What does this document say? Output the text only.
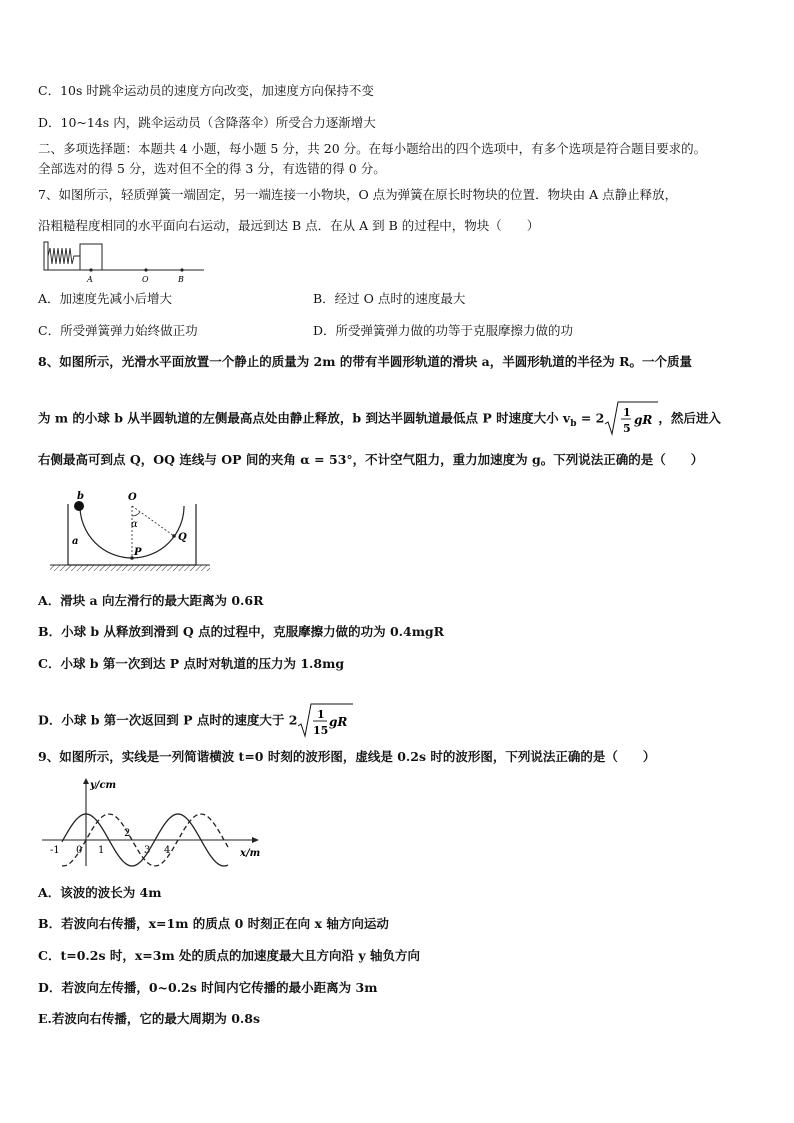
C．10s 时跳伞运动员的速度方向改变，加速度方向保持不变
D．10~14s 内，跳伞运动员（含降落伞）所受合力逐渐增大
二、多项选择题：本题共 4 小题，每小题 5 分，共 20 分。在每小题给出的四个选项中，有多个选项是符合题目要求的。
全部选对的得 5 分，选对但不全的得 3 分，有选错的得 0 分。
7、如图所示，轻质弹簧一端固定，另一端连接一小物块，O 点为弹簧在原长时物块的位置．物块由 A 点静止释放，
沿粗糙程度相同的水平面向右运动，最远到达 B 点．在从 A 到 B 的过程中，物块（　　）
A	O	B
A．加速度先减小后增大	B．经过 O 点时的速度最大
C．所受弹簧弹力始终做正功	D．所受弹簧弹力做的功等于克服摩擦力做的功
8、如图所示，光滑水平面放置一个静止的质量为 2m 的带有半圆形轨道的滑块 a，半圆形轨道的半径为 R。一个质量
为 m 的小球 b 从半圆轨道的左侧最高点处由静止释放，b 到达半圆轨道最低点 P 时速度大小 $v_b = 2$ 1
5
gR ，然后进入
右侧最高可到点 Q，OQ 连线与 OP 间的夹角 α = 53°，不计空气阻力，重力加速度为 g。下列说法正确的是（　　）
b	O
α
Q
P
a
A．滑块 a 向左滑行的最大距离为 0.6R
B．小球 b 从释放到滑到 Q 点的过程中，克服摩擦力做的功为 0.4mgR
C．小球 b 第一次到达 P 点时对轨道的压力为 1.8mg
D．小球 b 第一次返回到 P 点时的速度大于 2 1
15
gR
9、如图所示，实线是一列简谐横波 t=0 时刻的波形图，虚线是 0.2s 时的波形图，下列说法正确的是（　　）
y/cm
x/m
-1 0 1
2
3 4
A．该波的波长为 4m
B．若波向右传播，x=1m 的质点 0 时刻正在向 x 轴方向运动
C．t=0.2s 时，x=3m 处的质点的加速度最大且方向沿 y 轴负方向
D．若波向左传播，0~0.2s 时间内它传播的最小距离为 3m
E.若波向右传播，它的最大周期为 0.8s
